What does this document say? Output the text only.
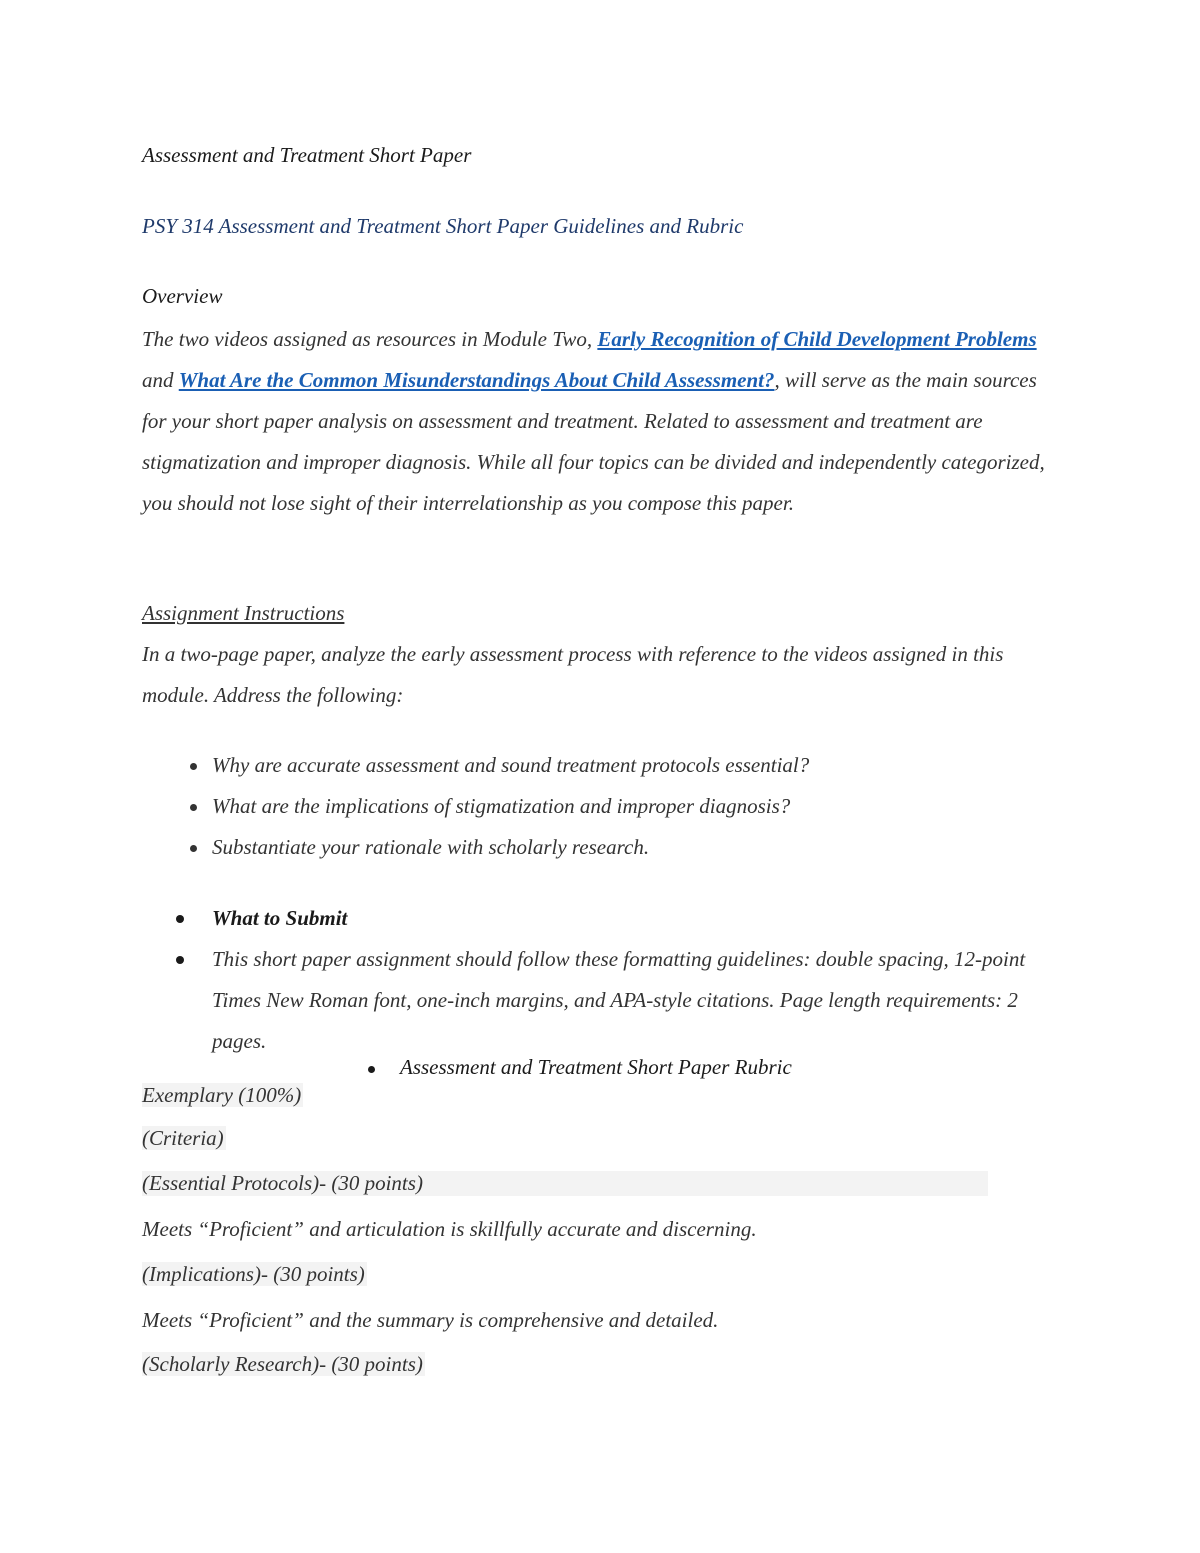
Assessment and Treatment Short Paper
PSY 314 Assessment and Treatment Short Paper Guidelines and Rubric
Overview
The two videos assigned as resources in Module Two, Early Recognition of Child Development Problems and What Are the Common Misunderstandings About Child Assessment?, will serve as the main sources for your short paper analysis on assessment and treatment. Related to assessment and treatment are stigmatization and improper diagnosis. While all four topics can be divided and independently categorized, you should not lose sight of their interrelationship as you compose this paper.
Assignment Instructions
In a two-page paper, analyze the early assessment process with reference to the videos assigned in this module. Address the following:
Why are accurate assessment and sound treatment protocols essential?
What are the implications of stigmatization and improper diagnosis?
Substantiate your rationale with scholarly research.
What to Submit
This short paper assignment should follow these formatting guidelines: double spacing, 12-point Times New Roman font, one-inch margins, and APA-style citations. Page length requirements: 2 pages.
Assessment and Treatment Short Paper Rubric
Exemplary (100%)
(Criteria)
(Essential Protocols)- (30 points)
Meets “Proficient” and articulation is skillfully accurate and discerning.
(Implications)- (30 points)
Meets “Proficient” and the summary is comprehensive and detailed.
(Scholarly Research)- (30 points)
